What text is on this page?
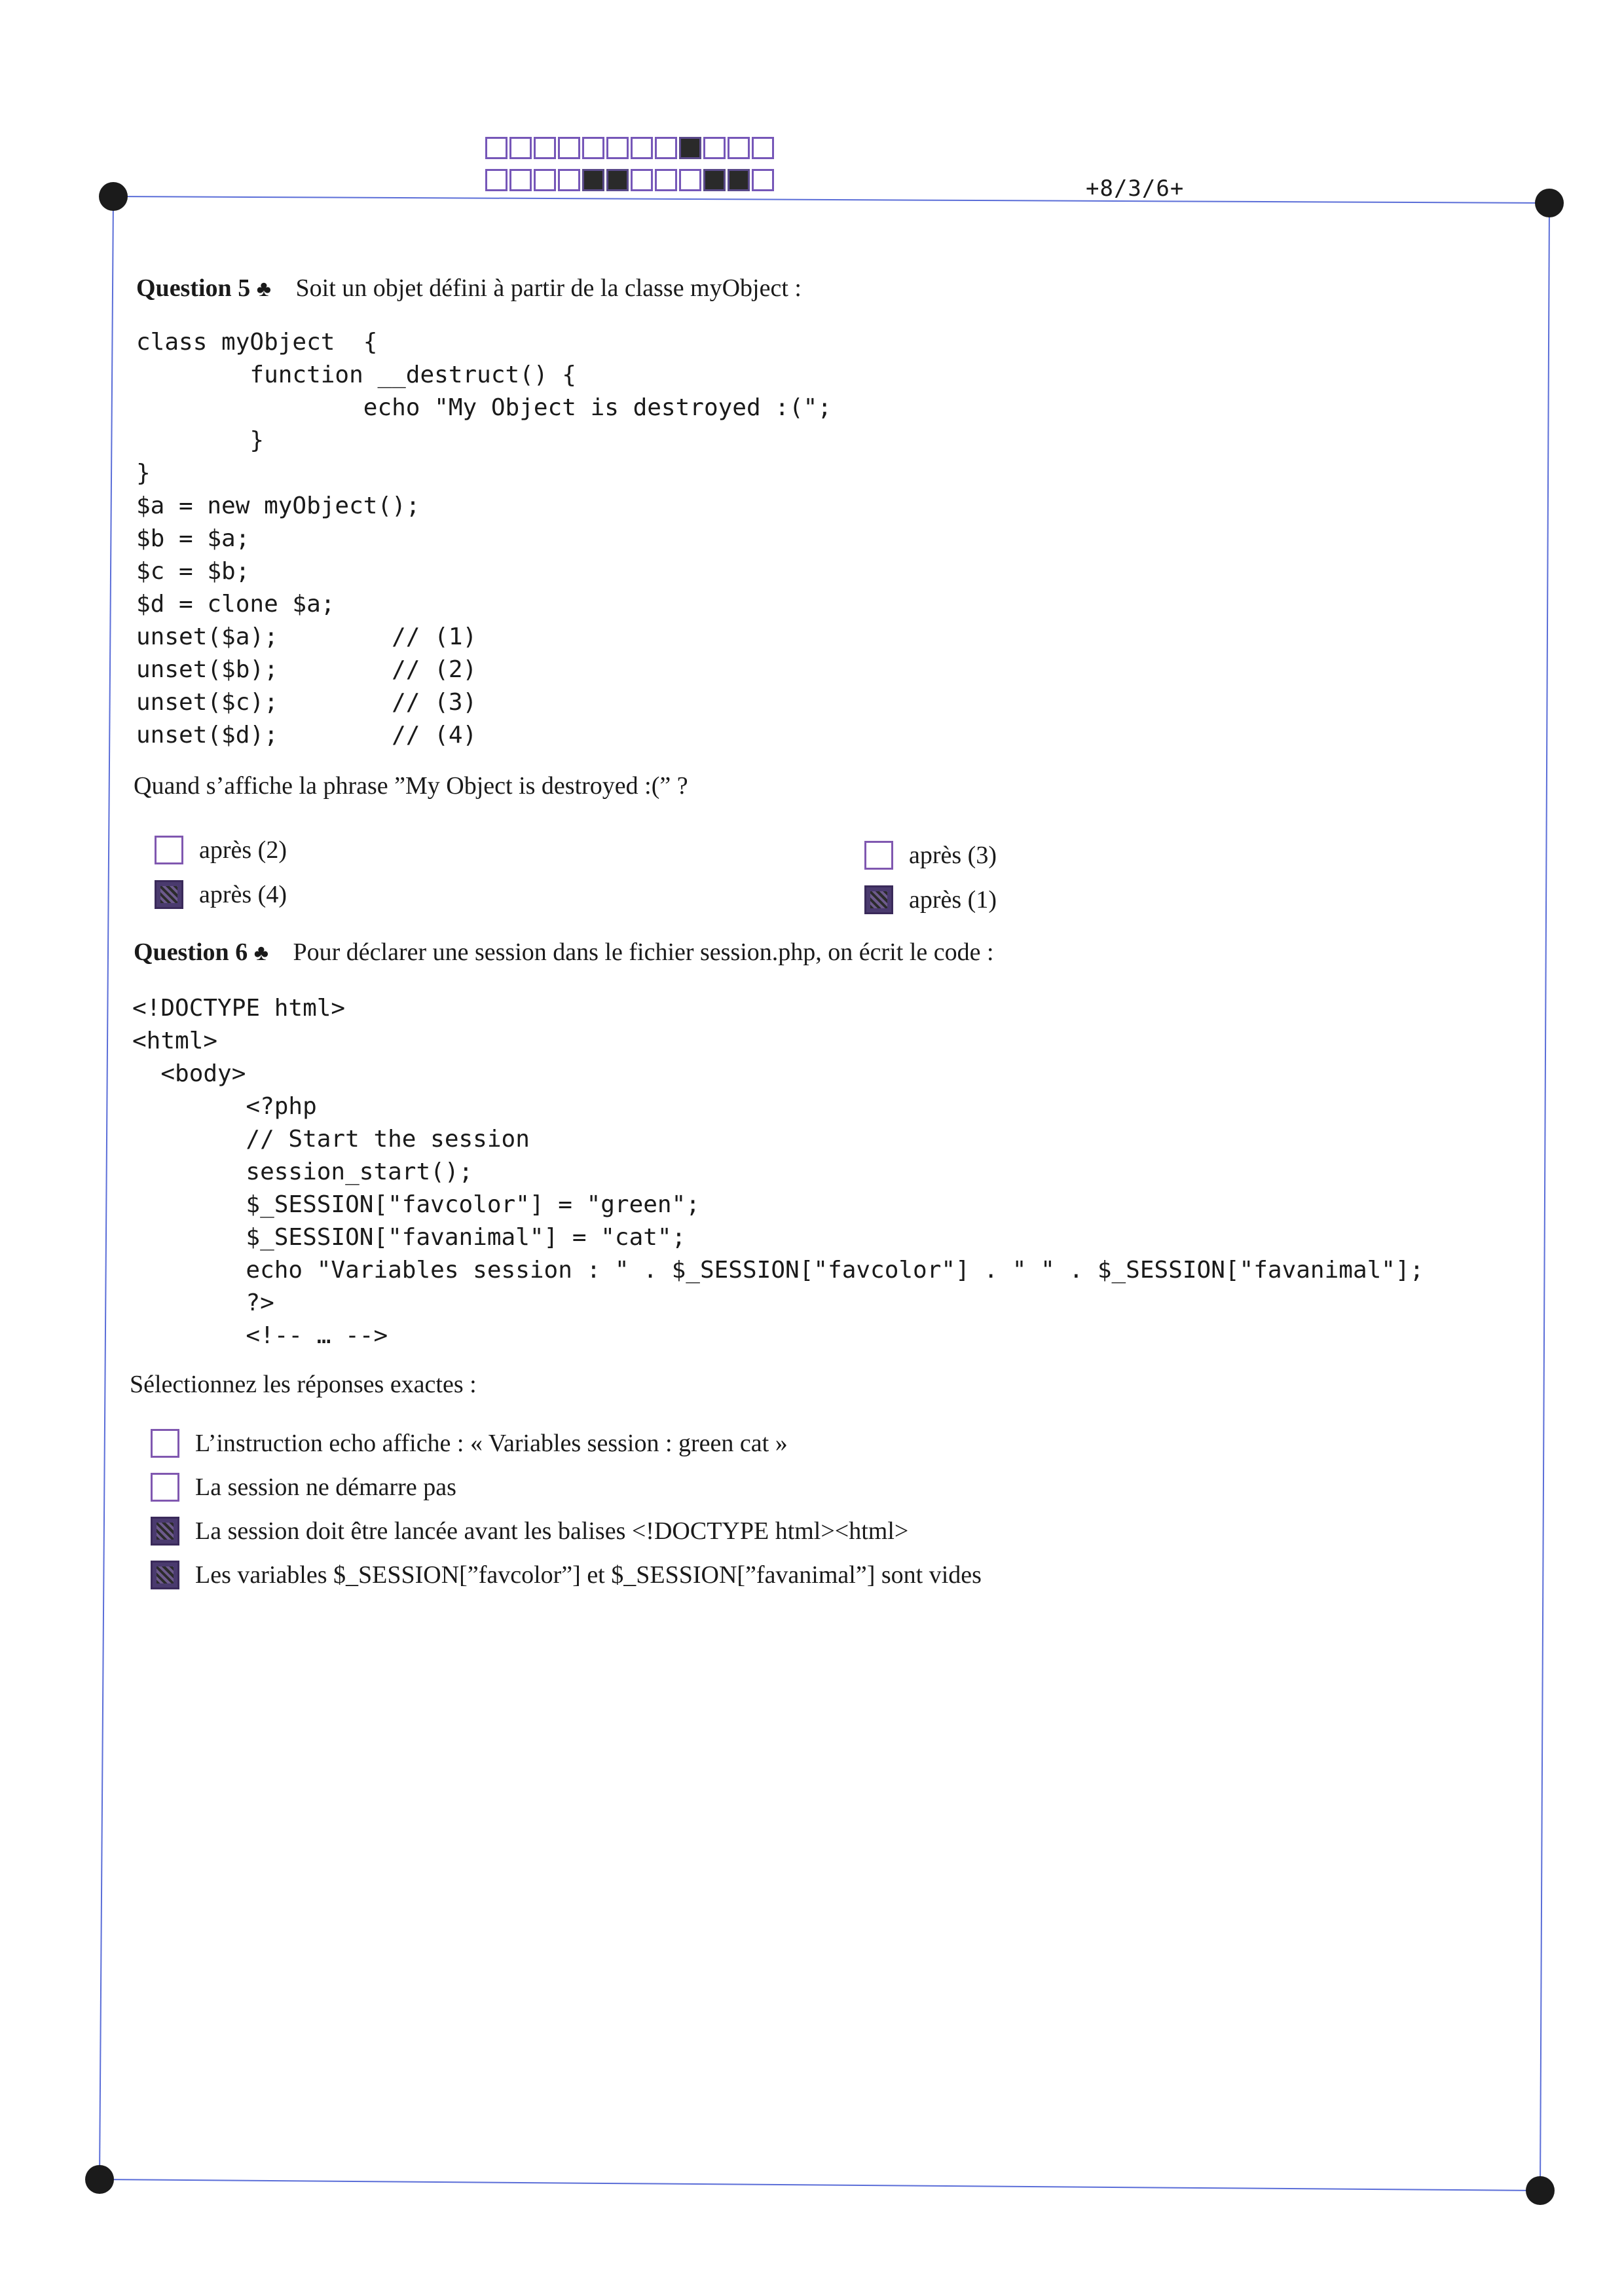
+8/3/6+
Question 5 ♣ Soit un objet défini à partir de la classe myObject :
class myObject  {
function __destruct() {
echo "My Object is destroyed :(";
}
}
$a = new myObject();
$b = $a;
$c = $b;
$d = clone $a;
unset($a);        // (1)
unset($b);        // (2)
unset($c);        // (3)
unset($d);        // (4)
Quand s’affiche la phrase ”My Object is destroyed :(” ?
après (2)
après (4)
après (3)
après (1)
Question 6 ♣ Pour déclarer une session dans le fichier session.php, on écrit le code :
<!DOCTYPE html>
<html>
<body>
<?php
// Start the session
session_start();
$_SESSION["favcolor"] = "green";
$_SESSION["favanimal"] = "cat";
echo "Variables session : " . $_SESSION["favcolor"] . " " . $_SESSION["favanimal"];
?>
<!-- … -->
Sélectionnez les réponses exactes :
L’instruction echo affiche : « Variables session : green cat »
La session ne démarre pas
La session doit être lancée avant les balises <!DOCTYPE html><html>
Les variables $_SESSION[”favcolor”] et $_SESSION[”favanimal”] sont vides
